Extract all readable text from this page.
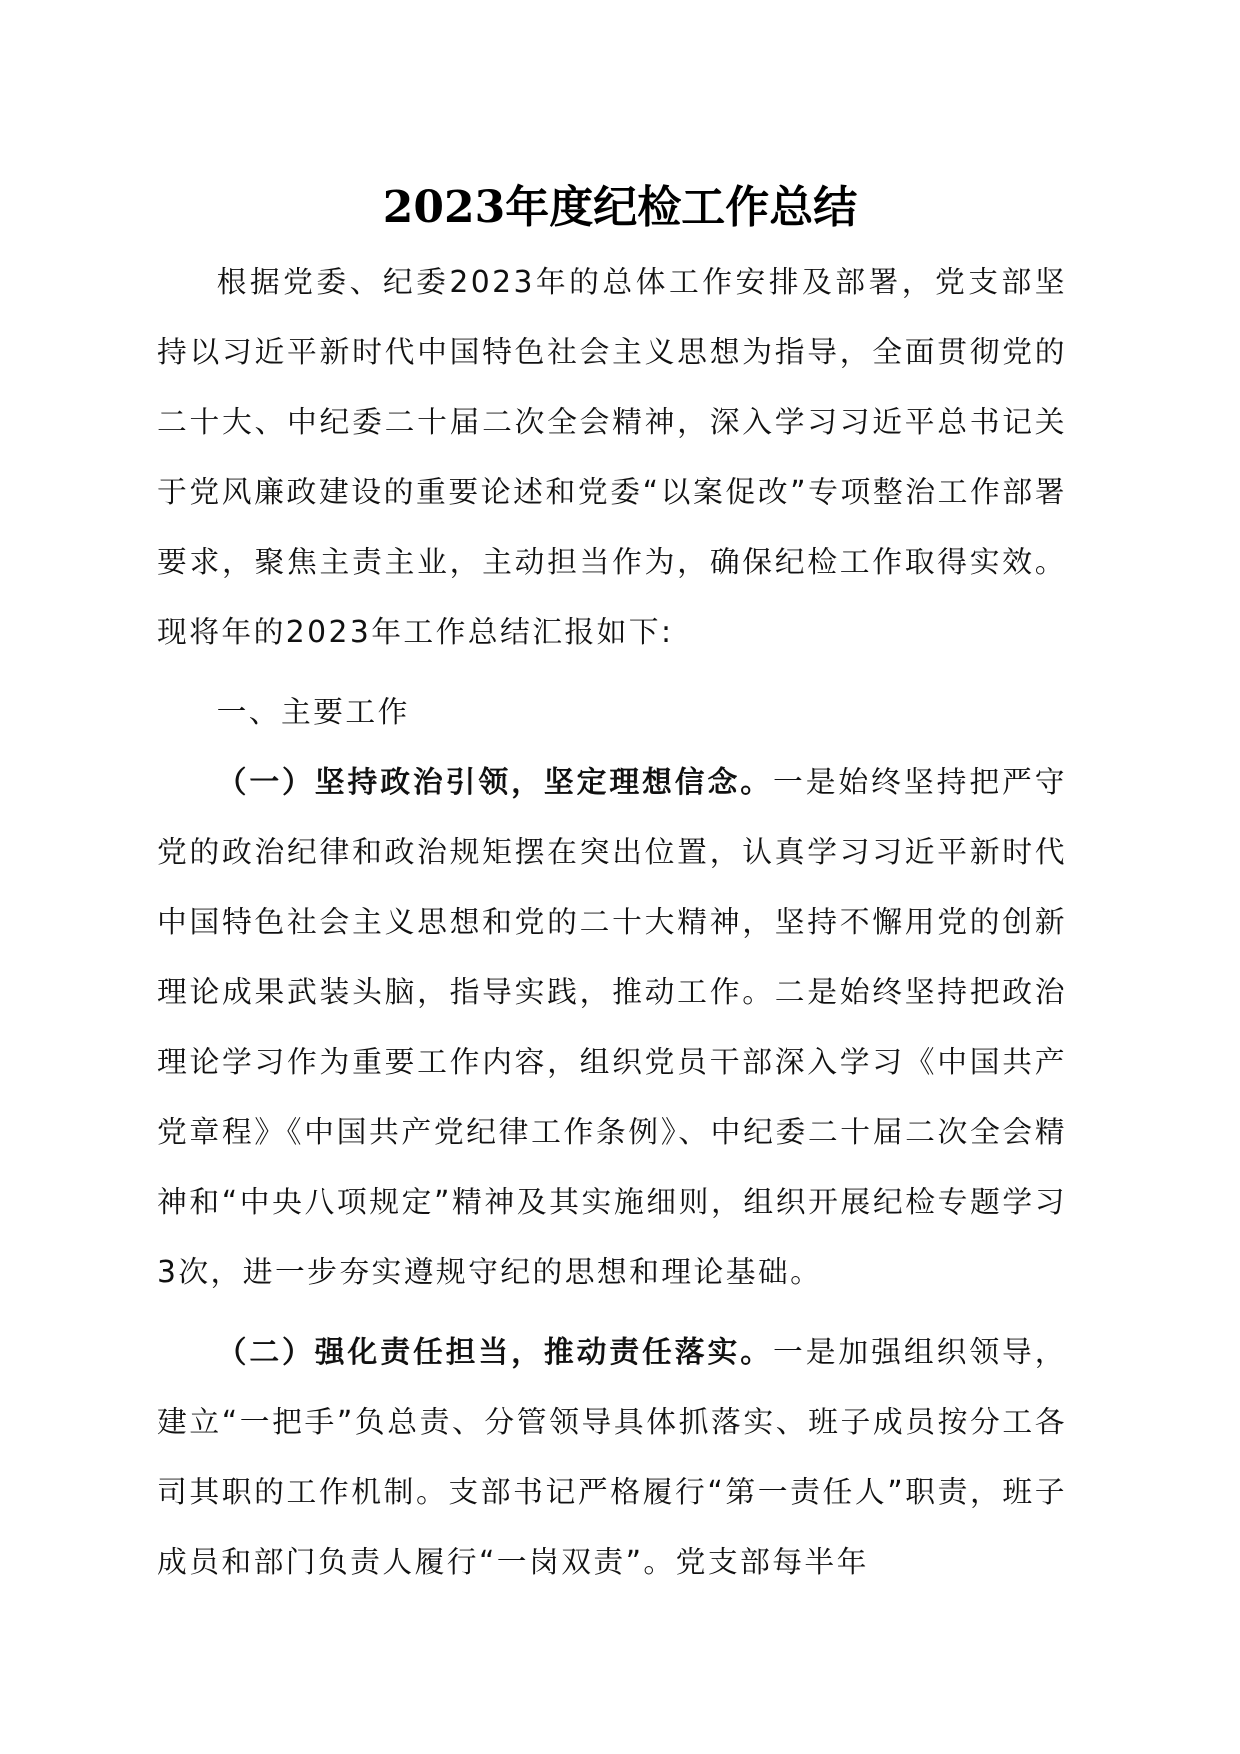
2023年度纪检工作总结

根据党委、纪委2023年的总体工作安排及部署，党支部坚持以习近平新时代中国特色社会主义思想为指导，全面贯彻党的二十大、中纪委二十届二次全会精神，深入学习习近平总书记关于党风廉政建设的重要论述和党委“以案促改”专项整治工作部署要求，聚焦主责主业，主动担当作为，确保纪检工作取得实效。现将年的2023年工作总结汇报如下:

一、主要工作

（一）坚持政治引领，坚定理想信念。一是始终坚持把严守党的政治纪律和政治规矩摆在突出位置，认真学习习近平新时代中国特色社会主义思想和党的二十大精神，坚持不懈用党的创新理论成果武装头脑，指导实践，推动工作。二是始终坚持把政治理论学习作为重要工作内容，组织党员干部深入学习《中国共产党章程》《中国共产党纪律工作条例》、中纪委二十届二次全会精神和“中央八项规定”精神及其实施细则，组织开展纪检专题学习3次，进一步夯实遵规守纪的思想和理论基础。

（二）强化责任担当，推动责任落实。一是加强组织领导，建立“一把手”负总责、分管领导具体抓落实、班子成员按分工各司其职的工作机制。支部书记严格履行“第一责任人”职责，班子成员和部门负责人履行“一岗双责”。党支部每半年
